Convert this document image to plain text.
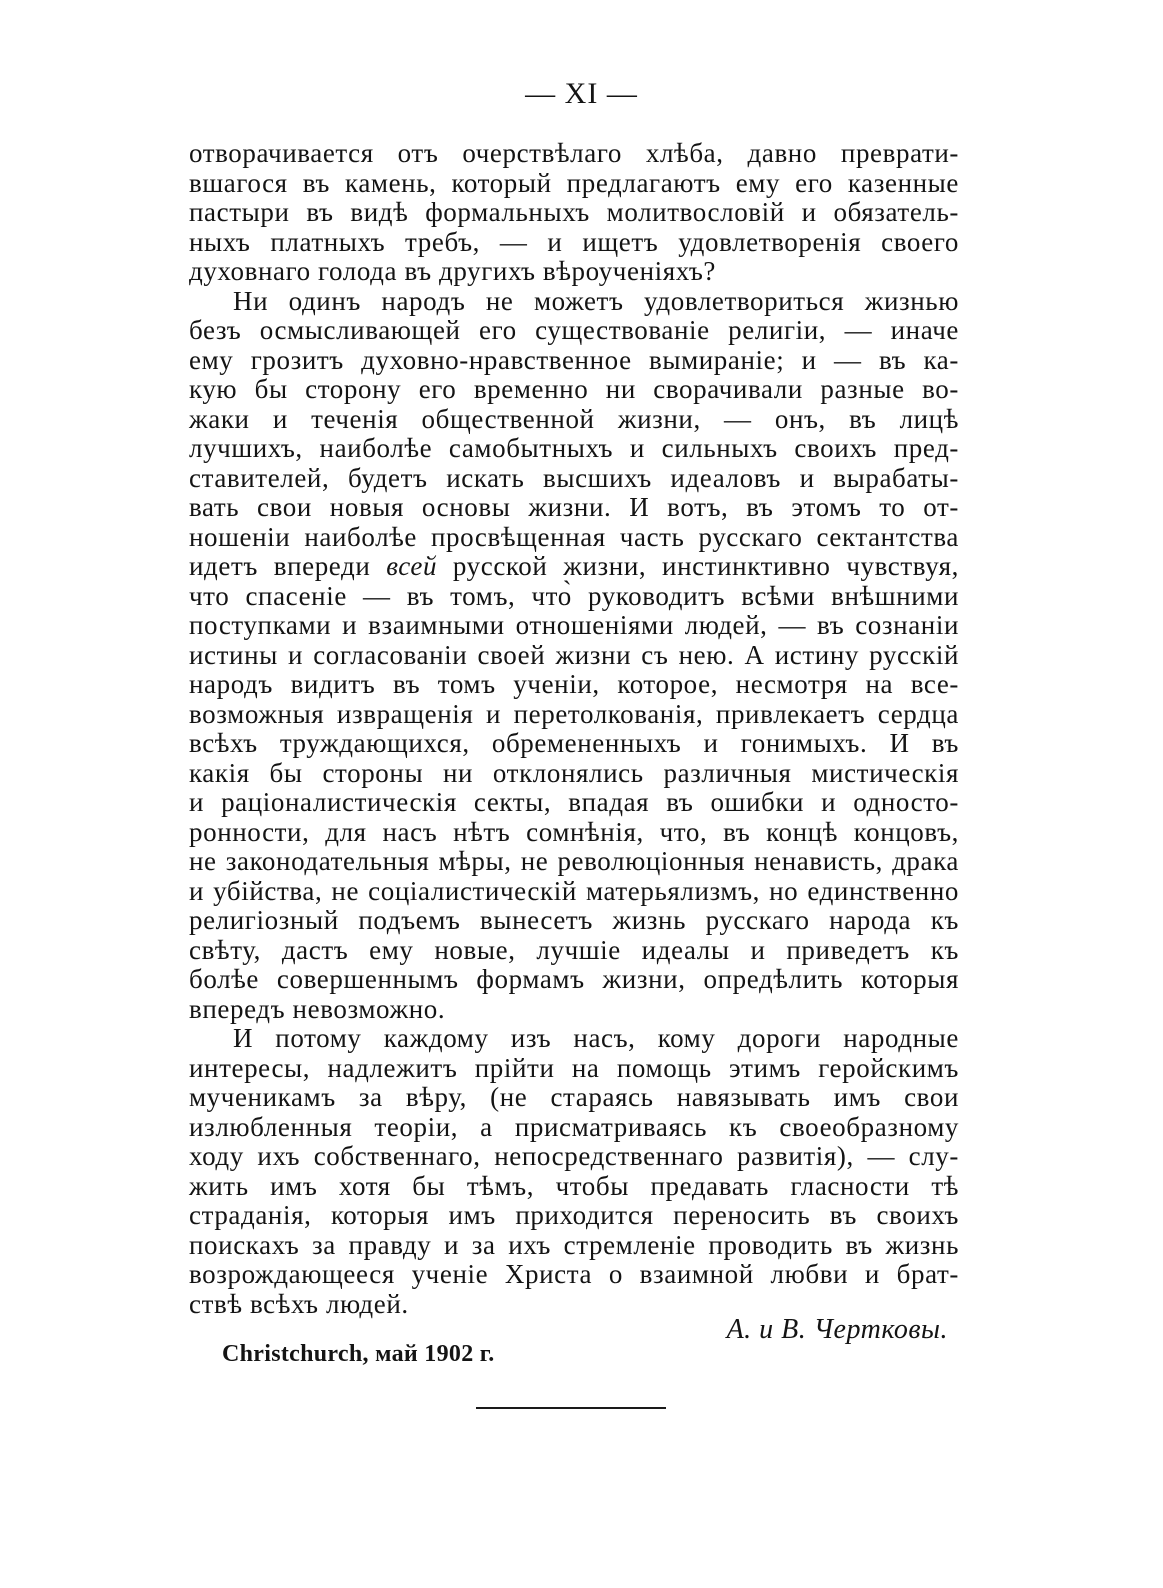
— XI —
отворачивается отъ очерствѣлаго хлѣба, давно преврати-
вшагося въ камень, который предлагаютъ ему его казенные
пастыри въ видѣ формальныхъ молитвословій и обязатель-
ныхъ платныхъ требъ, — и ищетъ удовлетворенія своего
духовнаго голода въ другихъ вѣроученіяхъ?
Ни одинъ народъ не можетъ удовлетвориться жизнью
безъ осмысливающей его существованіе религіи, — иначе
ему грозитъ духовно-нравственное вымираніе; и — въ ка-
кую бы сторону его временно ни сворачивали разные во-
жаки и теченія общественной жизни, — онъ, въ лицѣ
лучшихъ, наиболѣе самобытныхъ и сильныхъ своихъ пред-
ставителей, будетъ искать высшихъ идеаловъ и вырабаты-
вать свои новыя основы жизни. И вотъ, въ этомъ то от-
ношеніи наиболѣе просвѣщенная часть русскаго сектантства
идетъ впереди всей русской жизни, инстинктивно чувствуя,
что спасеніе — въ томъ, что̀ руководитъ всѣми внѣшними
поступками и взаимными отношеніями людей, — въ сознаніи
истины и согласованіи своей жизни съ нею. А истину русскій
народъ видитъ въ томъ ученіи, которое, несмотря на все-
возможныя извращенія и перетолкованія, привлекаетъ сердца
всѣхъ труждающихся, обремененныхъ и гонимыхъ. И въ
какія бы стороны ни отклонялись различныя мистическія
и раціоналистическія секты, впадая въ ошибки и односто-
ронности, для насъ нѣтъ сомнѣнія, что, въ концѣ концовъ,
не законодательныя мѣры, не революціонныя ненависть, драка
и убійства, не соціалистическій матерьялизмъ, но единственно
религіозный подъемъ вынесетъ жизнь русскаго народа къ
свѣту, дастъ ему новые, лучшіе идеалы и приведетъ къ
болѣе совершеннымъ формамъ жизни, опредѣлить которыя
впередъ невозможно.
И потому каждому изъ насъ, кому дороги народные
интересы, надлежитъ прійти на помощь этимъ геройскимъ
мученикамъ за вѣру, (не стараясь навязывать имъ свои
излюбленныя теоріи, а присматриваясь къ своеобразному
ходу ихъ собственнаго, непосредственнаго развитія), — слу-
жить имъ хотя бы тѣмъ, чтобы предавать гласности тѣ
страданія, которыя имъ приходится переносить въ своихъ
поискахъ за правду и за ихъ стремленіе проводить въ жизнь
возрождающееся ученіе Христа о взаимной любви и брат-
ствѣ всѣхъ людей.
А. и В. Чертковы.
Christchurch, май 1902 г.
